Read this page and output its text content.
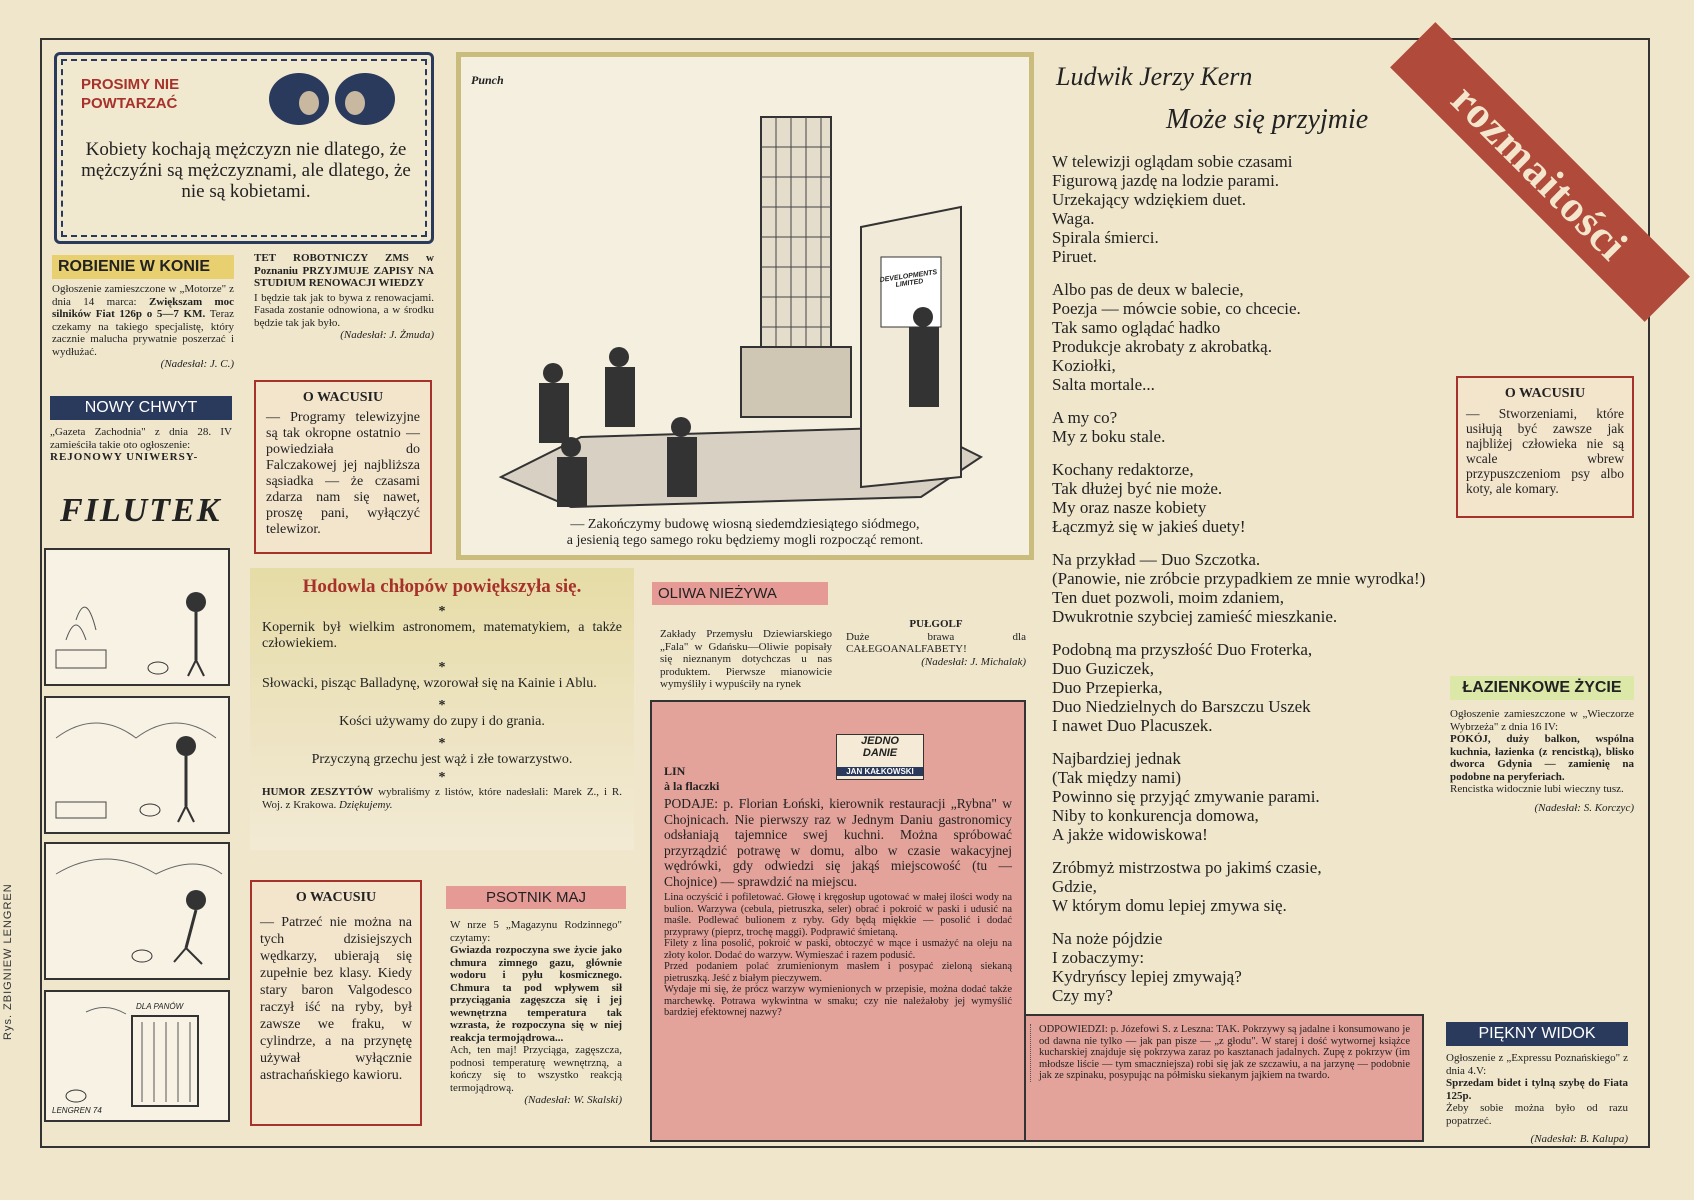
Rys. ZBIGNIEW LENGREN
rozmaitości
PROSIMY NIE POWTARZAĆ
Kobiety kochają mężczyzn nie dlatego, że mężczyźni są mężczyznami, ale dlatego, że nie są kobietami.
ROBIENIE W KONIE
Ogłoszenie zamieszczone w „Motorze" z dnia 14 marca: Zwiększam moc silników Fiat 126p o 5—7 KM. Teraz czekamy na takiego specjalistę, który zacznie malucha prywatnie poszerzać i wydłużać.
(Nadesłał: J. C.)
TET ROBOTNICZY ZMS w Poznaniu PRZYJMUJE ZAPISY NA STUDIUM RENOWACJI WIEDZY
I będzie tak jak to bywa z renowacjami. Fasada zostanie odnowiona, a w środku będzie tak jak było.
(Nadesłał: J. Żmuda)
NOWY CHWYT
„Gazeta Zachodnia" z dnia 28. IV zamieściła takie oto ogłoszenie:
REJONOWY UNIWERSY-
FILUTEK
DLA PANÓW
LENGREN 74
O WACUSIU
— Programy telewizyjne są tak okropne ostatnio — powiedziała do Falczakowej jej najbliższa sąsiadka — że czasami zdarza nam się nawet, proszę pani, wyłączyć telewizor.
Punch
DEVELOPMENTS LIMITED
— Zakończymy budowę wiosną siedemdziesiątego siódmego,
a jesienią tego samego roku będziemy mogli rozpocząć remont.
Hodowla chłopów powiększyła się.
*
Kopernik był wielkim astronomem, matematykiem, a także człowiekiem.
*
Słowacki, pisząc Balladynę, wzorował się na Kainie i Ablu.
*
Kości używamy do zupy i do grania.
*
Przyczyną grzechu jest wąż i złe towarzystwo.
*
HUMOR ZESZYTÓW wybraliśmy z listów, które nadesłali: Marek Z., i R. Woj. z Krakowa. Dziękujemy.
OLIWA NIEŻYWA
Zakłady Przemysłu Dziewiarskiego „Fala" w Gdańsku—Oliwie popisały się nieznanym dotychczas u nas produktem. Pierwsze mianowicie wymyśliły i wypuściły na rynek
PUŁGOLF
Duże brawa dla CAŁEGOANALFABETY!
(Nadesłał: J. Michalak)
O WACUSIU
— Patrzeć nie można na tych dzisiejszych wędkarzy, ubierają się zupełnie bez klasy. Kiedy stary baron Valgodesco raczył iść na ryby, był zawsze we fraku, w cylindrze, a na przynętę używał wyłącznie astrachańskiego kawioru.
PSOTNIK MAJ
W nrze 5 „Magazynu Rodzinnego" czytamy:
Gwiazda rozpoczyna swe życie jako chmura zimnego gazu, głównie wodoru i pyłu kosmicznego. Chmura ta pod wpływem sił przyciągania zagęszcza się i jej wewnętrzna temperatura tak wzrasta, że rozpoczyna się w niej reakcja termojądrowa...
Ach, ten maj! Przyciąga, zagęszcza, podnosi temperaturę wewnętrzną, a kończy się to wszystko reakcją termojądrową.
(Nadesłał: W. Skalski)
JEDNO
DANIE
JAN KAŁKOWSKI
LIN
à la flaczki
PODAJE: p. Florian Łoński, kierownik restauracji „Rybna" w Chojnicach. Nie pierwszy raz w Jednym Daniu gastronomicy odsłaniają tajemnice swej kuchni. Można spróbować przyrządzić potrawę w domu, albo w czasie wakacyjnej wędrówki, gdy odwiedzi się jakąś miejscowość (tu — Chojnice) — sprawdzić na miejscu.
Lina oczyścić i pofiletować. Głowę i kręgosłup ugotować w małej ilości wody na bulion. Warzywa (cebula, pietruszka, seler) obrać i pokroić w paski i udusić na maśle. Podlewać bulionem z ryby. Gdy będą miękkie — posolić i dodać przyprawy (pieprz, trochę maggi). Podprawić śmietaną.
Filety z lina posolić, pokroić w paski, obtoczyć w mące i usmażyć na oleju na złoty kolor. Dodać do warzyw. Wymieszać i razem podusić.
Przed podaniem polać zrumienionym masłem i posypać zieloną siekaną pietruszką. Jeść z białym pieczywem.
Wydaje mi się, że prócz warzyw wymienionych w przepisie, można dodać także marchewkę. Potrawa wykwintna w smaku; czy nie należałoby jej wymyślić bardziej efektownej nazwy?
ODPOWIEDZI: p. Józefowi S. z Leszna: TAK. Pokrzywy są jadalne i konsumowano je od dawna nie tylko — jak pan pisze — „z głodu". W starej i dość wytwornej książce kucharskiej znajduje się pokrzywa zaraz po kasztanach jadalnych. Zupę z pokrzyw (im młodsze liście — tym smaczniejsza) robi się jak ze szczawiu, a na jarzynę — podobnie jak ze szpinaku, posypując na półmisku siekanym jajkiem na twardo.
Ludwik Jerzy Kern
Może się przyjmie
W telewizji oglądam sobie czasami
Figurową jazdę na lodzie parami.
Urzekający wdziękiem duet.
Waga.
Spirala śmierci.
Piruet.
Albo pas de deux w balecie,
Poezja — mówcie sobie, co chcecie.
Tak samo oglądać hadko
Produkcje akrobaty z akrobatką.
Koziołki,
Salta mortale...
A my co?
My z boku stale.
Kochany redaktorze,
Tak dłużej być nie może.
My oraz nasze kobiety
Łączmyż się w jakieś duety!
Na przykład — Duo Szczotka.
(Panowie, nie zróbcie przypadkiem ze mnie wyrodka!)
Ten duet pozwoli, moim zdaniem,
Dwukrotnie szybciej zamieść mieszkanie.
Podobną ma przyszłość Duo Froterka,
Duo Guziczek,
Duo Przepierka,
Duo Niedzielnych do Barszczu Uszek
I nawet Duo Placuszek.
Najbardziej jednak
(Tak między nami)
Powinno się przyjąć zmywanie parami.
Niby to konkurencja domowa,
A jakże widowiskowa!
Zróbmyż mistrzostwa po jakimś czasie,
Gdzie,
W którym domu lepiej zmywa się.
Na noże pójdzie
I zobaczymy:
Kydryńscy lepiej zmywają?
Czy my?
O WACUSIU
— Stworzeniami, które usiłują być zawsze jak najbliżej człowieka nie są wcale wbrew przypuszczeniom psy albo koty, ale komary.
ŁAZIENKOWE ŻYCIE
Ogłoszenie zamieszczone w „Wieczorze Wybrzeża" z dnia 16 IV:
POKÓJ, duży balkon, wspólna kuchnia, łazienka (z rencistką), blisko dworca Gdynia — zamienię na podobne na peryferiach.
Rencistka widocznie lubi wieczny tusz.
(Nadesłał: S. Korczyc)
PIĘKNY WIDOK
Ogłoszenie z „Expressu Poznańskiego" z dnia 4.V:
Sprzedam bidet i tylną szybę do Fiata 125p.
Żeby sobie można było od razu popatrzeć.
(Nadesłał: B. Kalupa)
